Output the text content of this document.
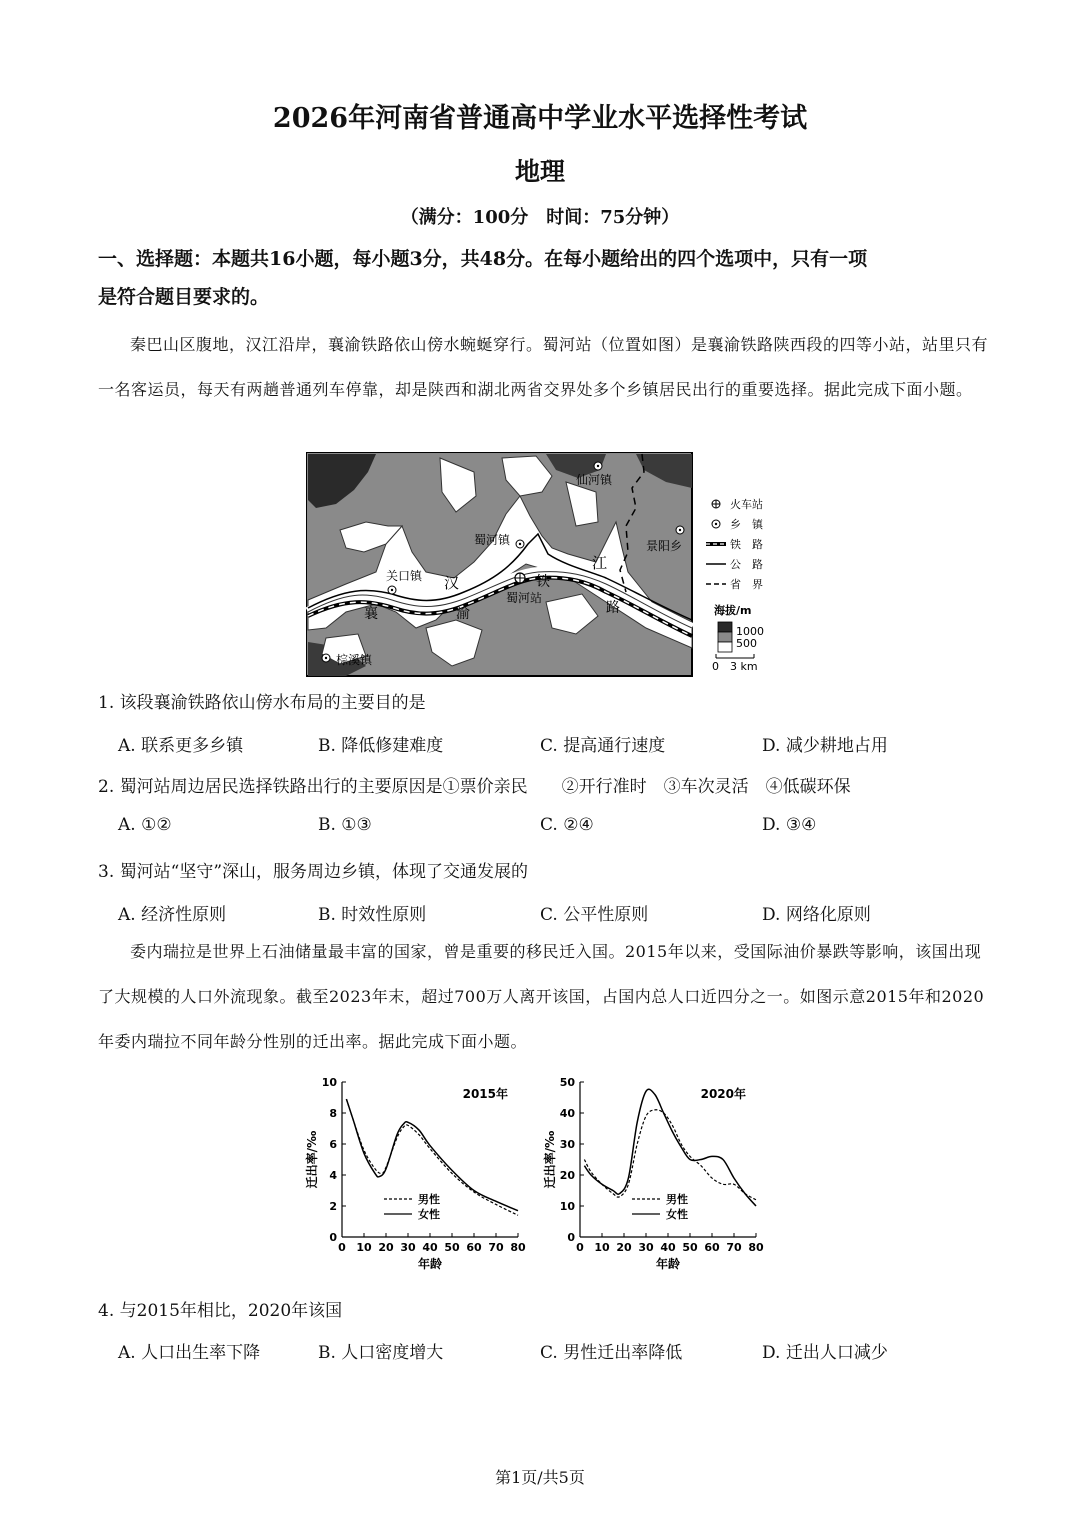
2026年河南省普通高中学业水平选择性考试
地理
（满分：100分　时间：75分钟）
一、选择题：本题共16小题，每小题3分，共48分。在每小题给出的四个选项中，只有一项
是符合题目要求的。
秦巴山区腹地，汉江沿岸，襄渝铁路依山傍水蜿蜒穿行。蜀河站（位置如图）是襄渝铁路陕西段的四等小站，站里只有一名客运员，每天有两趟普通列车停靠，却是陕西和湖北两省交界处多个乡镇居民出行的重要选择。据此完成下面小题。
仙河镇
蜀河镇	景阳乡
关口镇
蜀河站
棕溪镇
汉
江
襄	渝
铁
路
火车站
乡　镇
铁　路
公　路
省　界
海拔/m
1000
500
0　3 km
1. 该段襄渝铁路依山傍水布局的主要目的是
A. 联系更多乡镇	B. 降低修建难度	C. 提高通行速度	D. 减少耕地占用
2. 蜀河站周边居民选择铁路出行的主要原因是①票价亲民　　②开行准时　③车次灵活　④低碳环保
A. ①②	B. ①③	C. ②④	D. ③④
3. 蜀河站“坚守”深山，服务周边乡镇，体现了交通发展的
A. 经济性原则	B. 时效性原则	C. 公平性原则	D. 网络化原则
委内瑞拉是世界上石油储量最丰富的国家，曾是重要的移民迁入国。2015年以来，受国际油价暴跌等影响，该国出现了大规模的人口外流现象。截至2023年末，超过700万人离开该国，占国内总人口近四分之一。如图示意2015年和2020年委内瑞拉不同年龄分性别的迁出率。据此完成下面小题。
0
2
4
6
8
10
0 10 20 30 40 50 60 70 80
2015年
年龄
迁出率/‰
男性
女性
0
10
20
30
40
50
0 10 20 30 40 50 60 70 80
2020年
年龄
迁出率/‰
男性
女性
4. 与2015年相比，2020年该国
A. 人口出生率下降	B. 人口密度增大	C. 男性迁出率降低	D. 迁出人口减少
第1页/共5页
